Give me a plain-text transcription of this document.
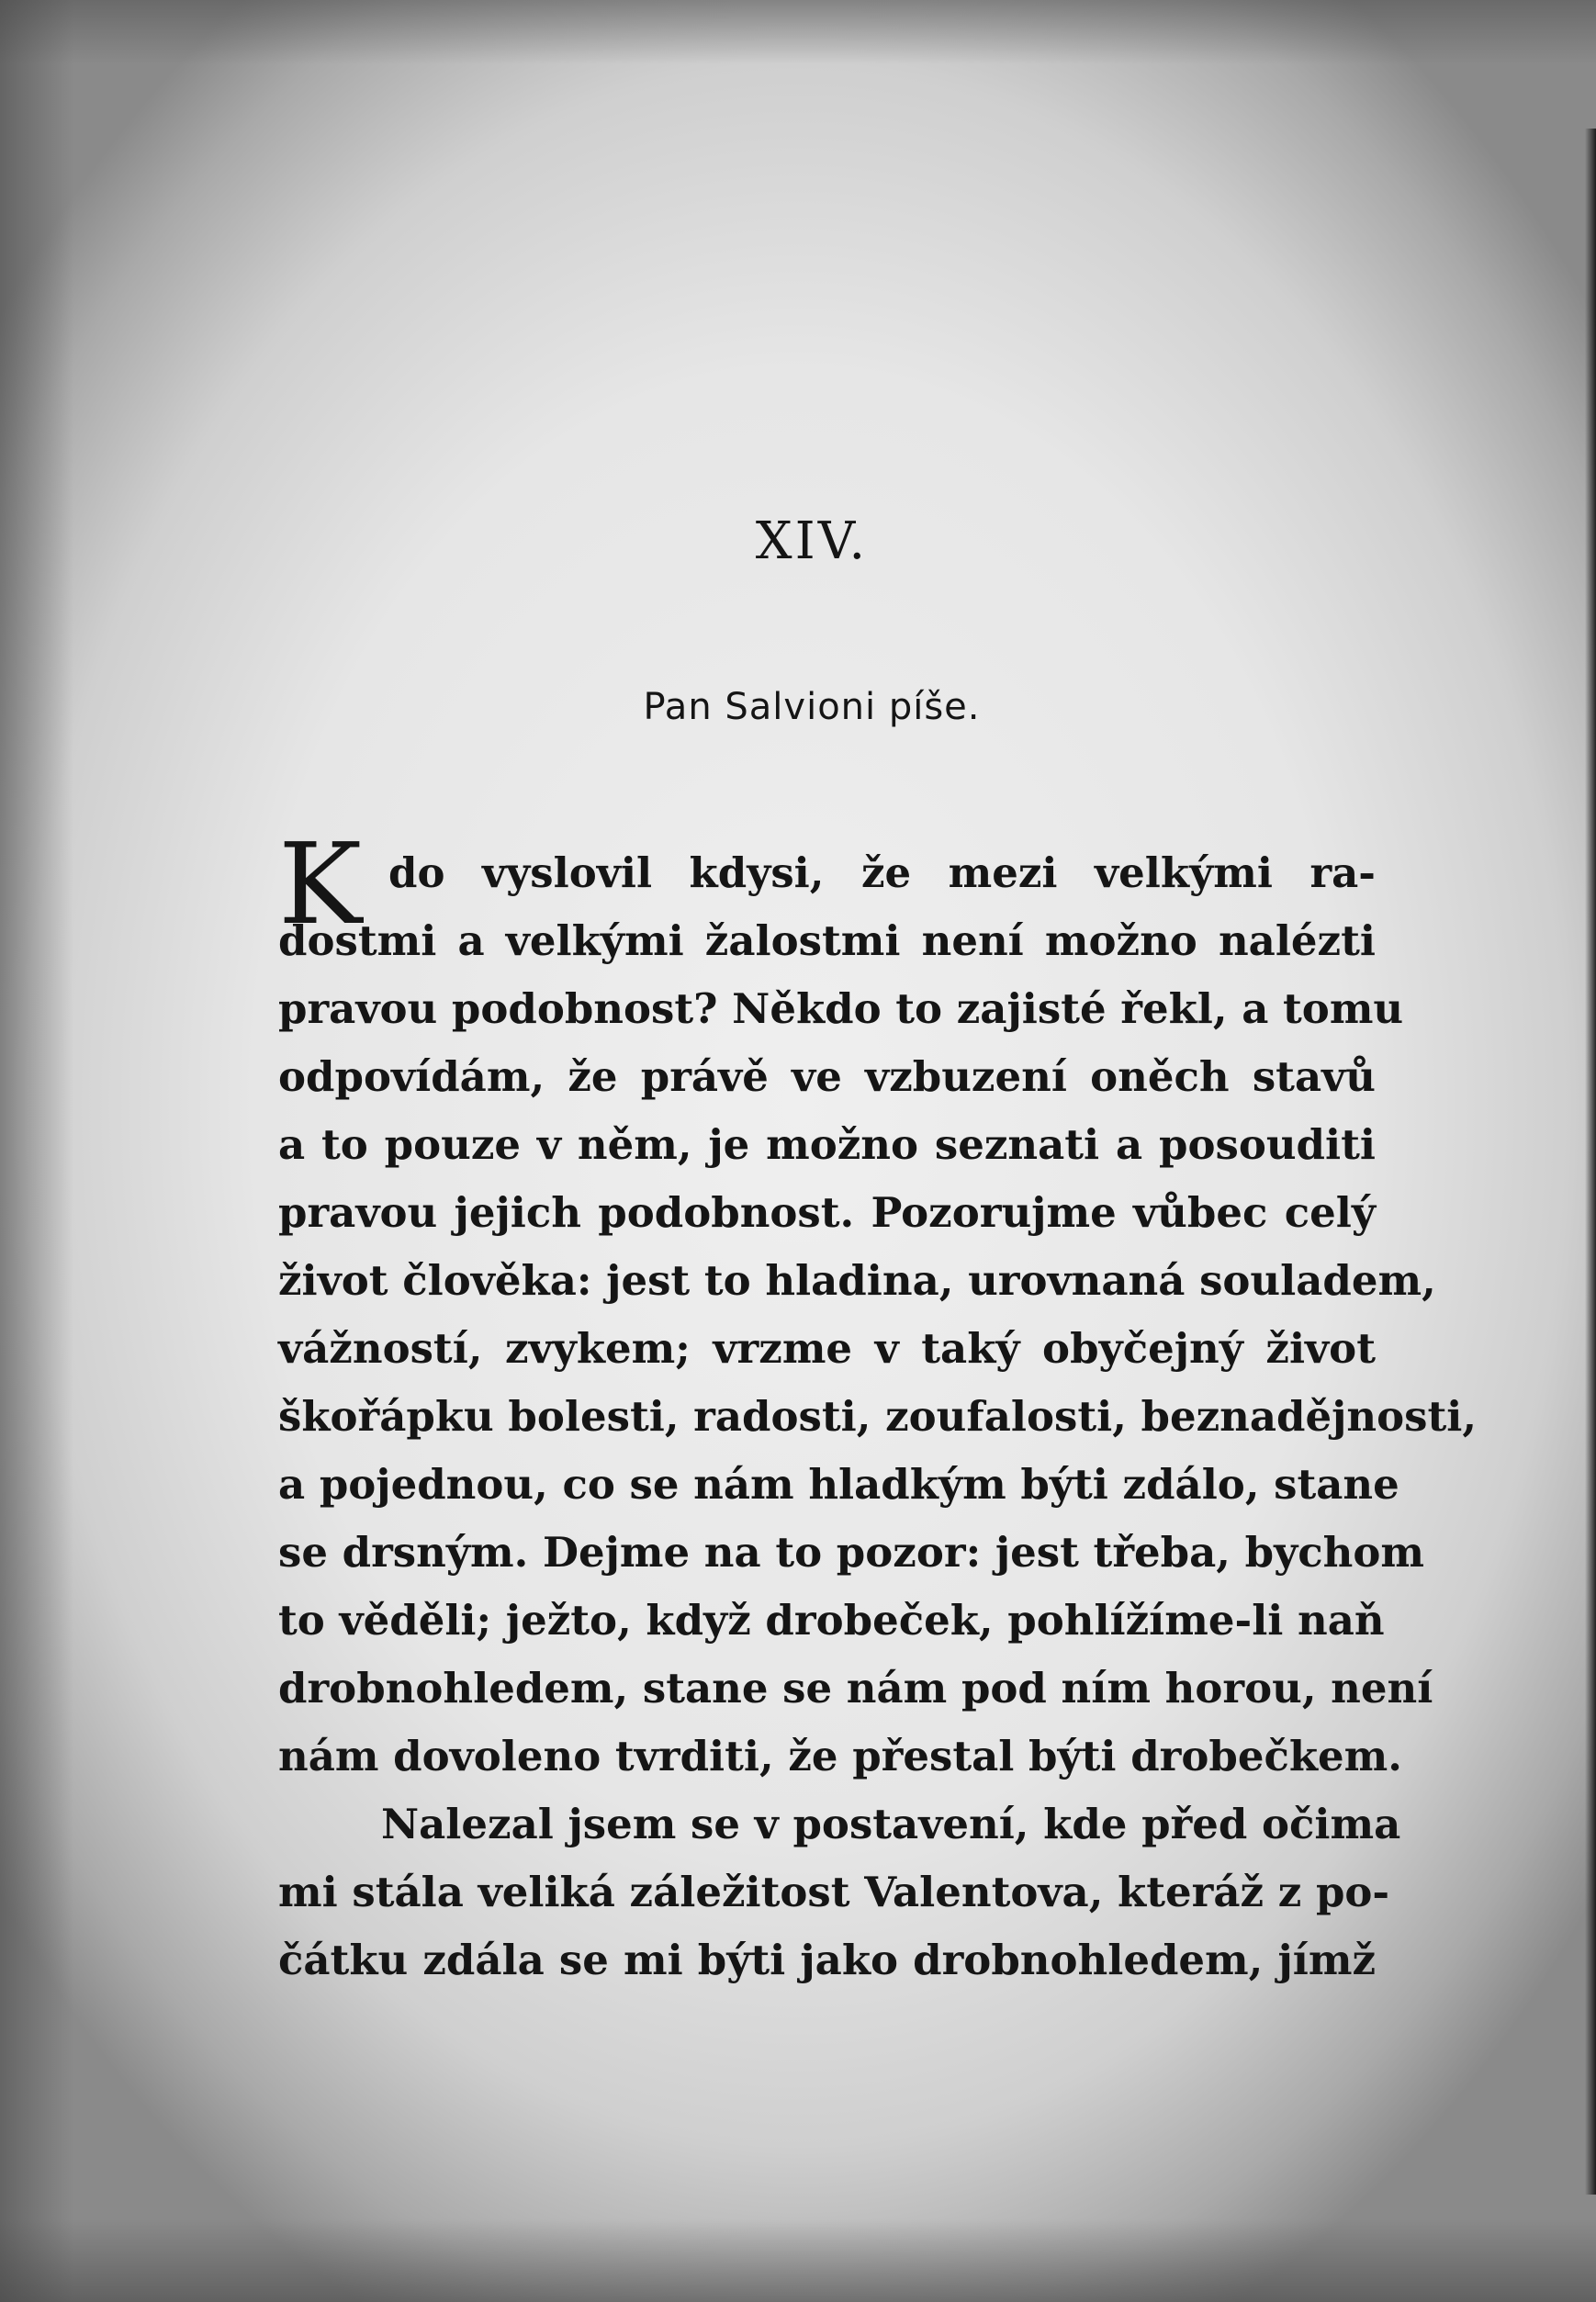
XIV.
Pan Salvioni píše.
K do vyslovil kdysi, že mezi velkými ra-
dostmi a velkými žalostmi není možno nalézti
pravou podobnost? Někdo to zajisté řekl, a tomu
odpovídám, že právě ve vzbuzení oněch stavů
a to pouze v něm, je možno seznati a posouditi
pravou jejich podobnost. Pozorujme vůbec celý
život člověka: jest to hladina, urovnaná souladem,
vážností, zvykem; vrzme v taký obyčejný život
škořápku bolesti, radosti, zoufalosti, beznadějnosti,
a pojednou, co se nám hladkým býti zdálo, stane
se drsným. Dejme na to pozor: jest třeba, bychom
to věděli; ježto, když drobeček, pohlížíme-li naň
drobnohledem, stane se nám pod ním horou, není
nám dovoleno tvrditi, že přestal býti drobečkem.
Nalezal jsem se v postavení, kde před očima
mi stála veliká záležitost Valentova, kteráž z po-
čátku zdála se mi býti jako drobnohledem, jímž
